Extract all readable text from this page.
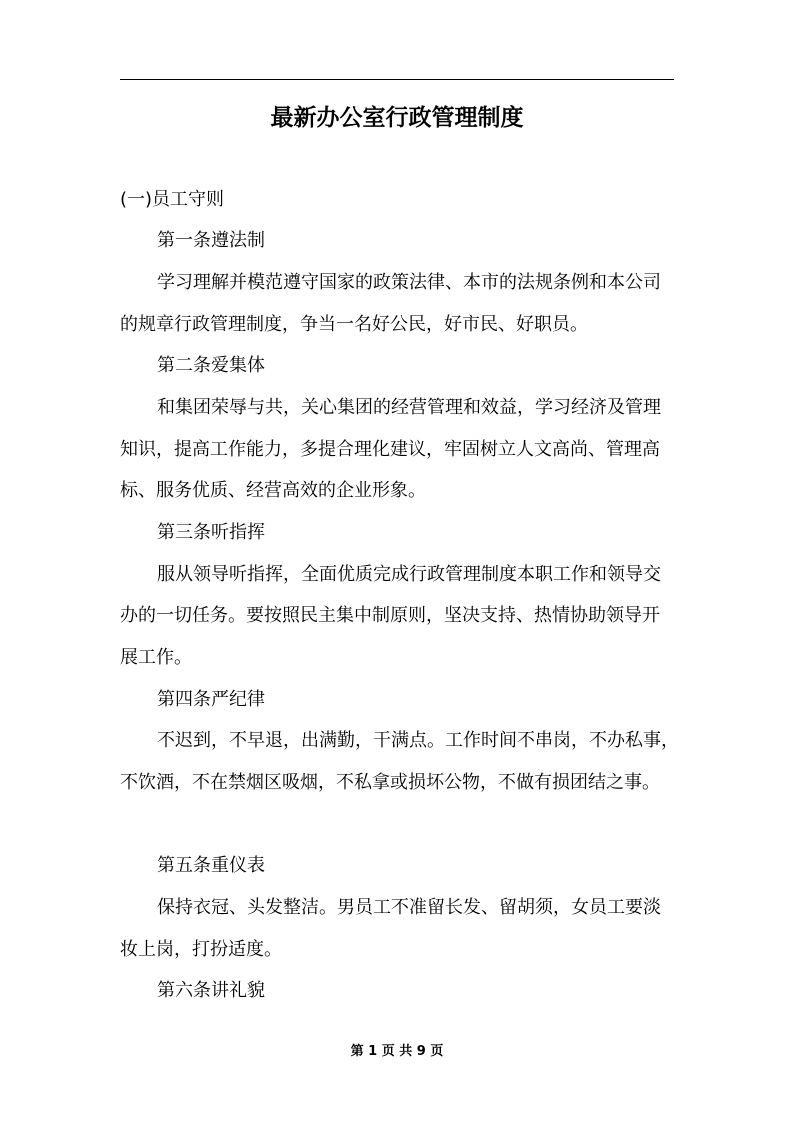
最新办公室行政管理制度
(一)员工守则
第一条遵法制
学习理解并模范遵守国家的政策法律、本市的法规条例和本公司
的规章行政管理制度，争当一名好公民，好市民、好职员。
第二条爱集体
和集团荣辱与共，关心集团的经营管理和效益，学习经济及管理
知识，提高工作能力，多提合理化建议，牢固树立人文高尚、管理高
标、服务优质、经营高效的企业形象。
第三条听指挥
服从领导听指挥，全面优质完成行政管理制度本职工作和领导交
办的一切任务。要按照民主集中制原则，坚决支持、热情协助领导开
展工作。
第四条严纪律
不迟到，不早退，出满勤，干满点。工作时间不串岗，不办私事，
不饮酒，不在禁烟区吸烟，不私拿或损坏公物，不做有损团结之事。
第五条重仪表
保持衣冠、头发整洁。男员工不准留长发、留胡须，女员工要淡
妆上岗，打扮适度。
第六条讲礼貌
第 1 页 共 9 页
